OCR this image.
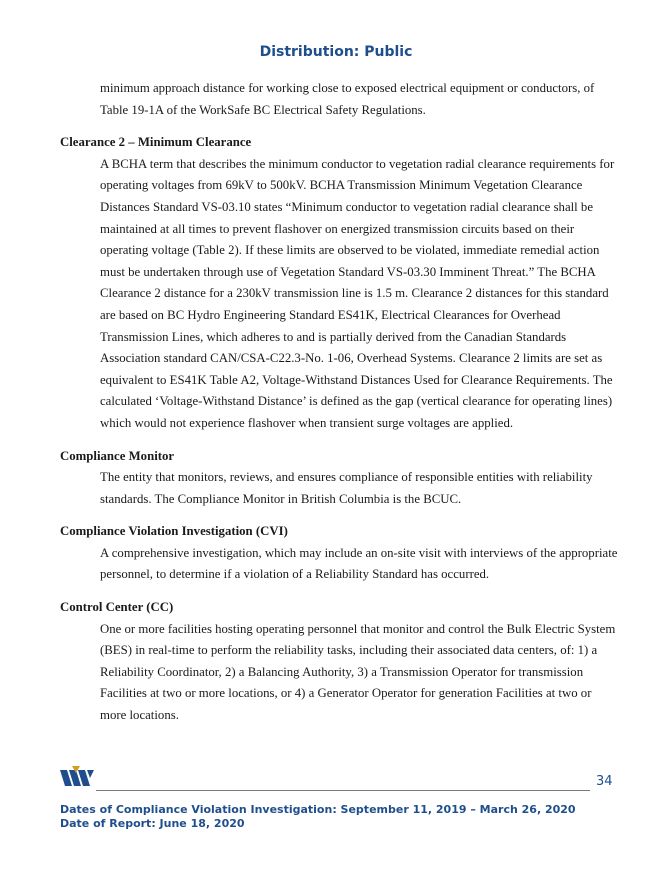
Distribution: Public

minimum approach distance for working close to exposed electrical equipment or conductors, of Table 19-1A of the WorkSafe BC Electrical Safety Regulations.

Clearance 2 – Minimum Clearance

A BCHA term that describes the minimum conductor to vegetation radial clearance requirements for operating voltages from 69kV to 500kV. BCHA Transmission Minimum Vegetation Clearance Distances Standard VS-03.10 states “Minimum conductor to vegetation radial clearance shall be maintained at all times to prevent flashover on energized transmission circuits based on their operating voltage (Table 2). If these limits are observed to be violated, immediate remedial action must be undertaken through use of Vegetation Standard VS-03.30 Imminent Threat.” The BCHA Clearance 2 distance for a 230kV transmission line is 1.5 m. Clearance 2 distances for this standard are based on BC Hydro Engineering Standard ES41K, Electrical Clearances for Overhead Transmission Lines, which adheres to and is partially derived from the Canadian Standards Association standard CAN/CSA-C22.3-No. 1-06, Overhead Systems. Clearance 2 limits are set as equivalent to ES41K Table A2, Voltage-Withstand Distances Used for Clearance Requirements. The calculated ‘Voltage-Withstand Distance’ is defined as the gap (vertical clearance for operating lines) which would not experience flashover when transient surge voltages are applied.

Compliance Monitor

The entity that monitors, reviews, and ensures compliance of responsible entities with reliability standards. The Compliance Monitor in British Columbia is the BCUC.

Compliance Violation Investigation (CVI)

A comprehensive investigation, which may include an on-site visit with interviews of the appropriate personnel, to determine if a violation of a Reliability Standard has occurred.

Control Center (CC)

One or more facilities hosting operating personnel that monitor and control the Bulk Electric System (BES) in real-time to perform the reliability tasks, including their associated data centers, of: 1) a Reliability Coordinator, 2) a Balancing Authority, 3) a Transmission Operator for transmission Facilities at two or more locations, or 4) a Generator Operator for generation Facilities at two or more locations.

34
Dates of Compliance Violation Investigation: September 11, 2019 – March 26, 2020
Date of Report: June 18, 2020
